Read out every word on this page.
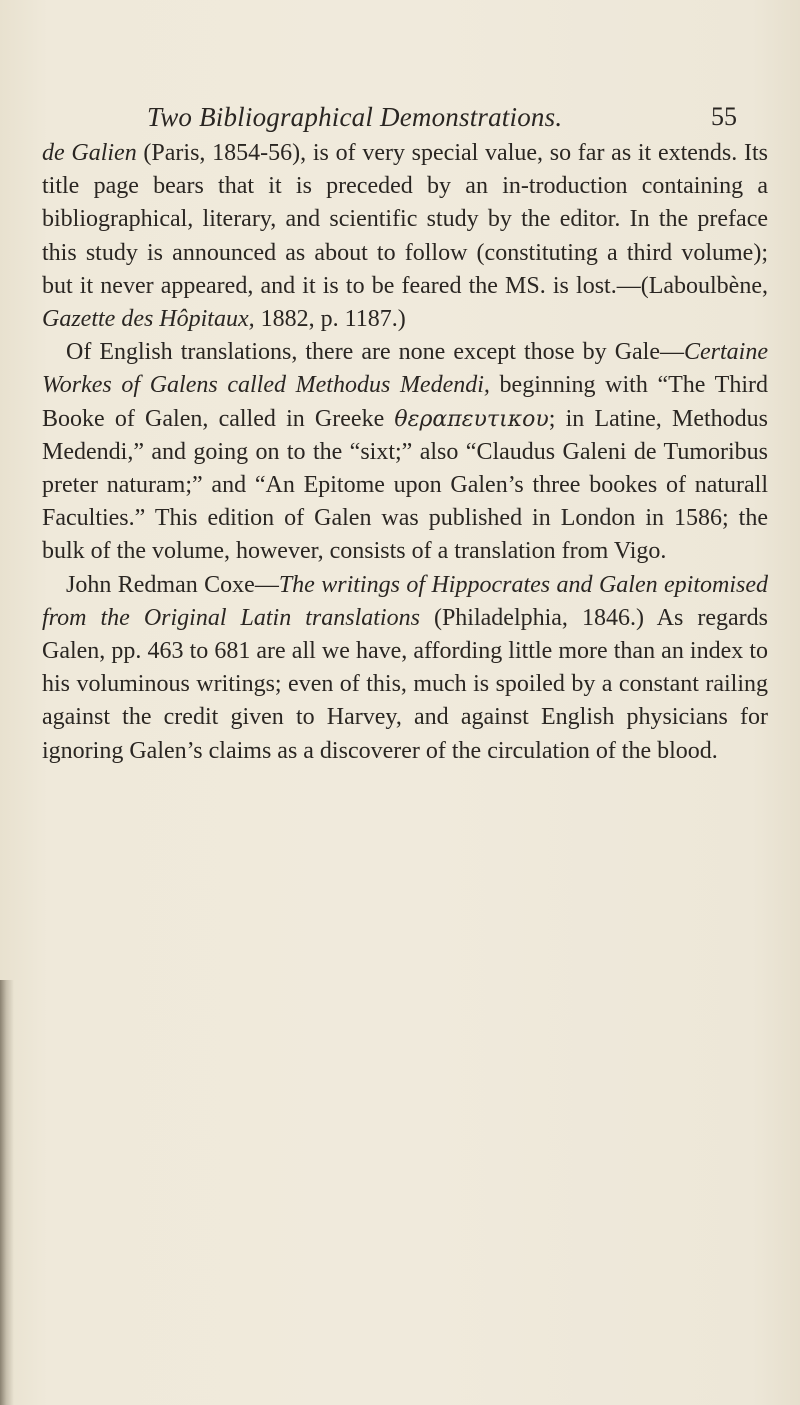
Two Bibliographical Demonstrations.	55

de Galien (Paris, 1854-56), is of very special value, so far as it extends. Its title page bears that it is preceded by an in-troduction containing a bibliographical, literary, and scientific study by the editor. In the preface this study is announced as about to follow (constituting a third volume); but it never appeared, and it is to be feared the MS. is lost.—(Laboulbène, Gazette des Hôpitaux, 1882, p. 1187.)

Of English translations, there are none except those by Gale—Certaine Workes of Galens called Methodus Medendi, beginning with “The Third Booke of Galen, called in Greeke θεραπευτικου; in Latine, Methodus Medendi,” and going on to the “sixt;” also “Claudus Galeni de Tumoribus preter naturam;” and “An Epitome upon Galen’s three bookes of naturall Faculties.” This edition of Galen was published in London in 1586; the bulk of the volume, however, consists of a translation from Vigo.

John Redman Coxe—The writings of Hippocrates and Galen epitomised from the Original Latin translations (Philadelphia, 1846.) As regards Galen, pp. 463 to 681 are all we have, affording little more than an index to his voluminous writings; even of this, much is spoiled by a constant railing against the credit given to Harvey, and against English physicians for ignoring Galen’s claims as a discoverer of the circulation of the blood.
